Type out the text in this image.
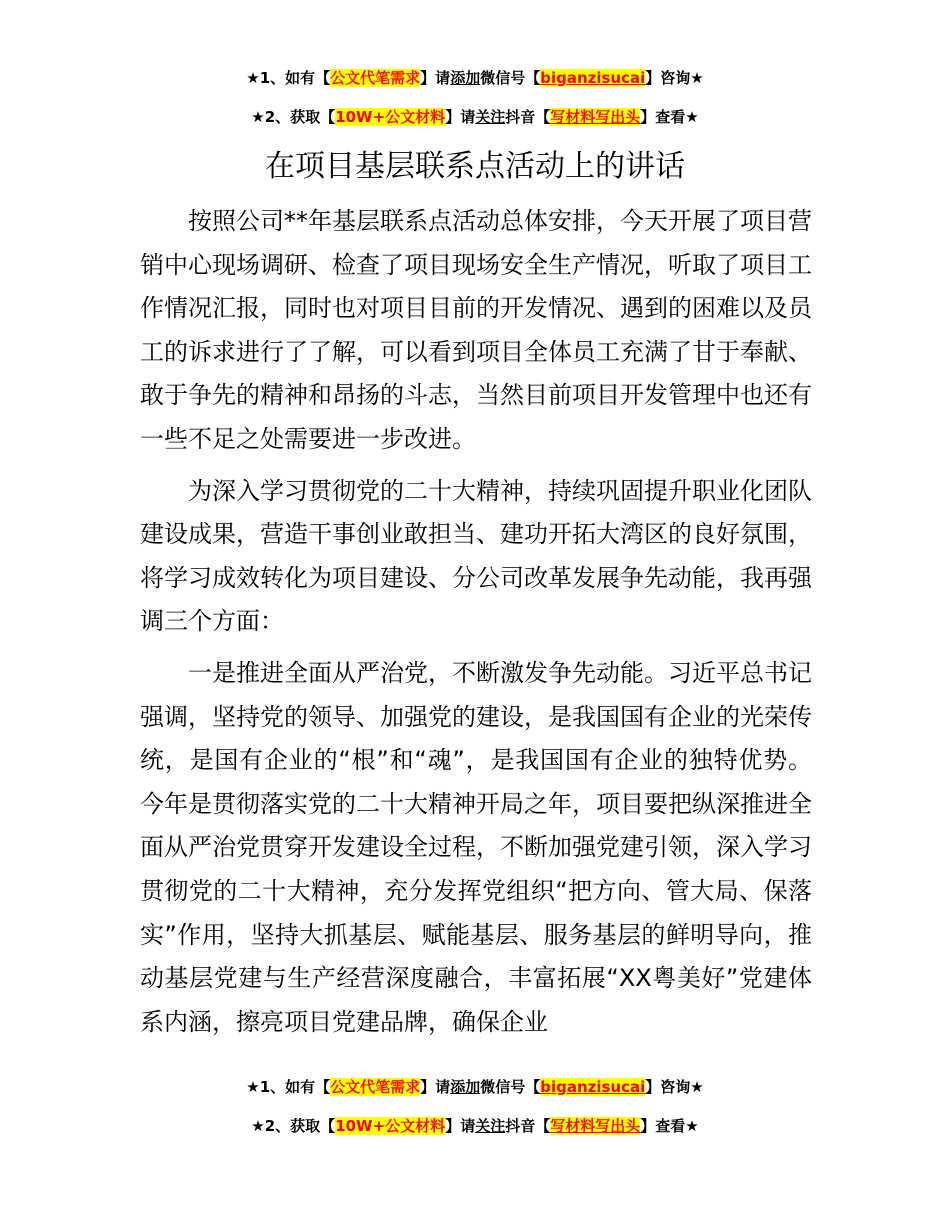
★1、如有【公文代笔需求】请添加微信号【biganzisucai】咨询★
★2、获取【10W+公文材料】请关注抖音【写材料写出头】查看★
在项目基层联系点活动上的讲话

按照公司**年基层联系点活动总体安排，今天开展了项目营销中心现场调研、检查了项目现场安全生产情况，听取了项目工作情况汇报，同时也对项目目前的开发情况、遇到的困难以及员工的诉求进行了了解，可以看到项目全体员工充满了甘于奉献、敢于争先的精神和昂扬的斗志，当然目前项目开发管理中也还有一些不足之处需要进一步改进。

为深入学习贯彻党的二十大精神，持续巩固提升职业化团队建设成果，营造干事创业敢担当、建功开拓大湾区的良好氛围，将学习成效转化为项目建设、分公司改革发展争先动能，我再强调三个方面：

一是推进全面从严治党，不断激发争先动能。习近平总书记强调，坚持党的领导、加强党的建设，是我国国有企业的光荣传统，是国有企业的“根”和“魂”，是我国国有企业的独特优势。今年是贯彻落实党的二十大精神开局之年，项目要把纵深推进全面从严治党贯穿开发建设全过程，不断加强党建引领，深入学习贯彻党的二十大精神，充分发挥党组织“把方向、管大局、保落实”作用，坚持大抓基层、赋能基层、服务基层的鲜明导向，推动基层党建与生产经营深度融合，丰富拓展“XX粤美好”党建体系内涵，擦亮项目党建品牌，确保企业

★1、如有【公文代笔需求】请添加微信号【biganzisucai】咨询★
★2、获取【10W+公文材料】请关注抖音【写材料写出头】查看★
